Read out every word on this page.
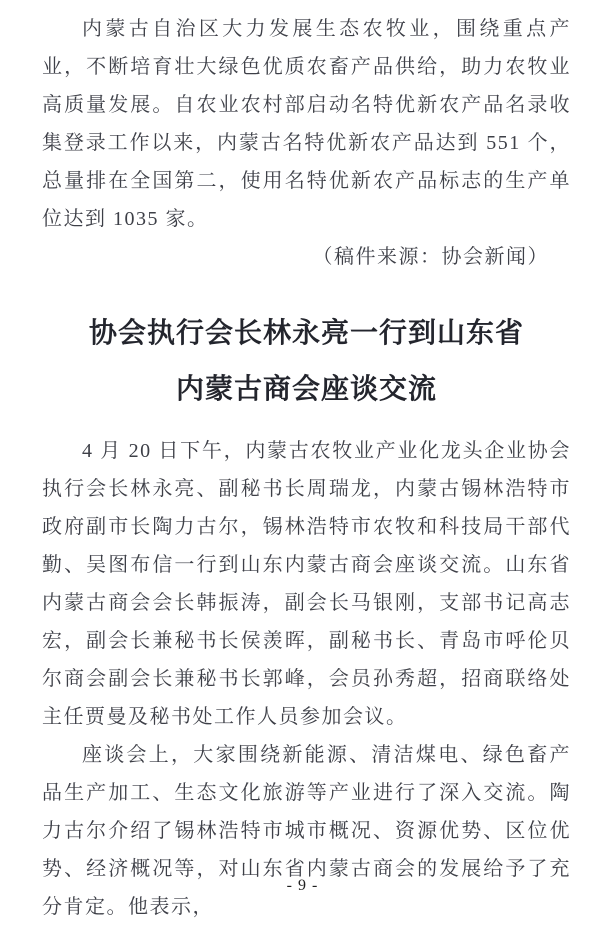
内蒙古自治区大力发展生态农牧业，围绕重点产业，不断培育壮大绿色优质农畜产品供给，助力农牧业高质量发展。自农业农村部启动名特优新农产品名录收集登录工作以来，内蒙古名特优新农产品达到 551 个，总量排在全国第二，使用名特优新农产品标志的生产单位达到 1035 家。

（稿件来源：协会新闻）

协会执行会长林永亮一行到山东省
内蒙古商会座谈交流

4 月 20 日下午，内蒙古农牧业产业化龙头企业协会执行会长林永亮、副秘书长周瑞龙，内蒙古锡林浩特市政府副市长陶力古尔，锡林浩特市农牧和科技局干部代勤、吴图布信一行到山东内蒙古商会座谈交流。山东省内蒙古商会会长韩振涛，副会长马银刚，支部书记高志宏，副会长兼秘书长侯羡晖，副秘书长、青岛市呼伦贝尔商会副会长兼秘书长郭峰，会员孙秀超，招商联络处主任贾曼及秘书处工作人员参加会议。

座谈会上，大家围绕新能源、清洁煤电、绿色畜产品生产加工、生态文化旅游等产业进行了深入交流。陶力古尔介绍了锡林浩特市城市概况、资源优势、区位优势、经济概况等，对山东省内蒙古商会的发展给予了充分肯定。他表示，

- 9 -
